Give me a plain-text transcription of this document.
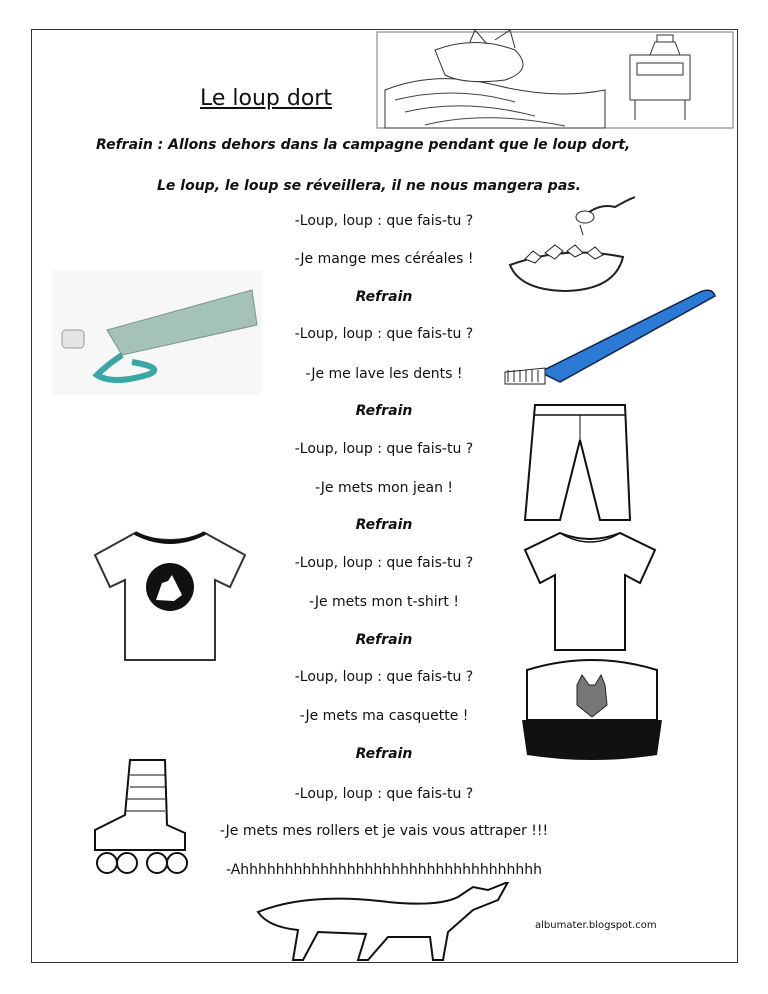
Le loup dort
Refrain : Allons dehors dans la campagne pendant que le loup dort,
Le loup, le loup se réveillera, il ne nous mangera pas.
-Loup, loup : que fais-tu ?
-Je mange mes céréales !
Refrain
-Loup, loup : que fais-tu ?
-Je me lave les dents !
Refrain
-Loup, loup : que fais-tu ?
-Je mets mon jean !
Refrain
-Loup, loup : que fais-tu ?
-Je mets mon t-shirt !
Refrain
-Loup, loup : que fais-tu ?
-Je mets ma casquette !
Refrain
-Loup, loup : que fais-tu ?
-Je mets mes rollers et je vais vous attraper !!!
-Ahhhhhhhhhhhhhhhhhhhhhhhhhhhhhhhhhh
albumater.blogspot.com
